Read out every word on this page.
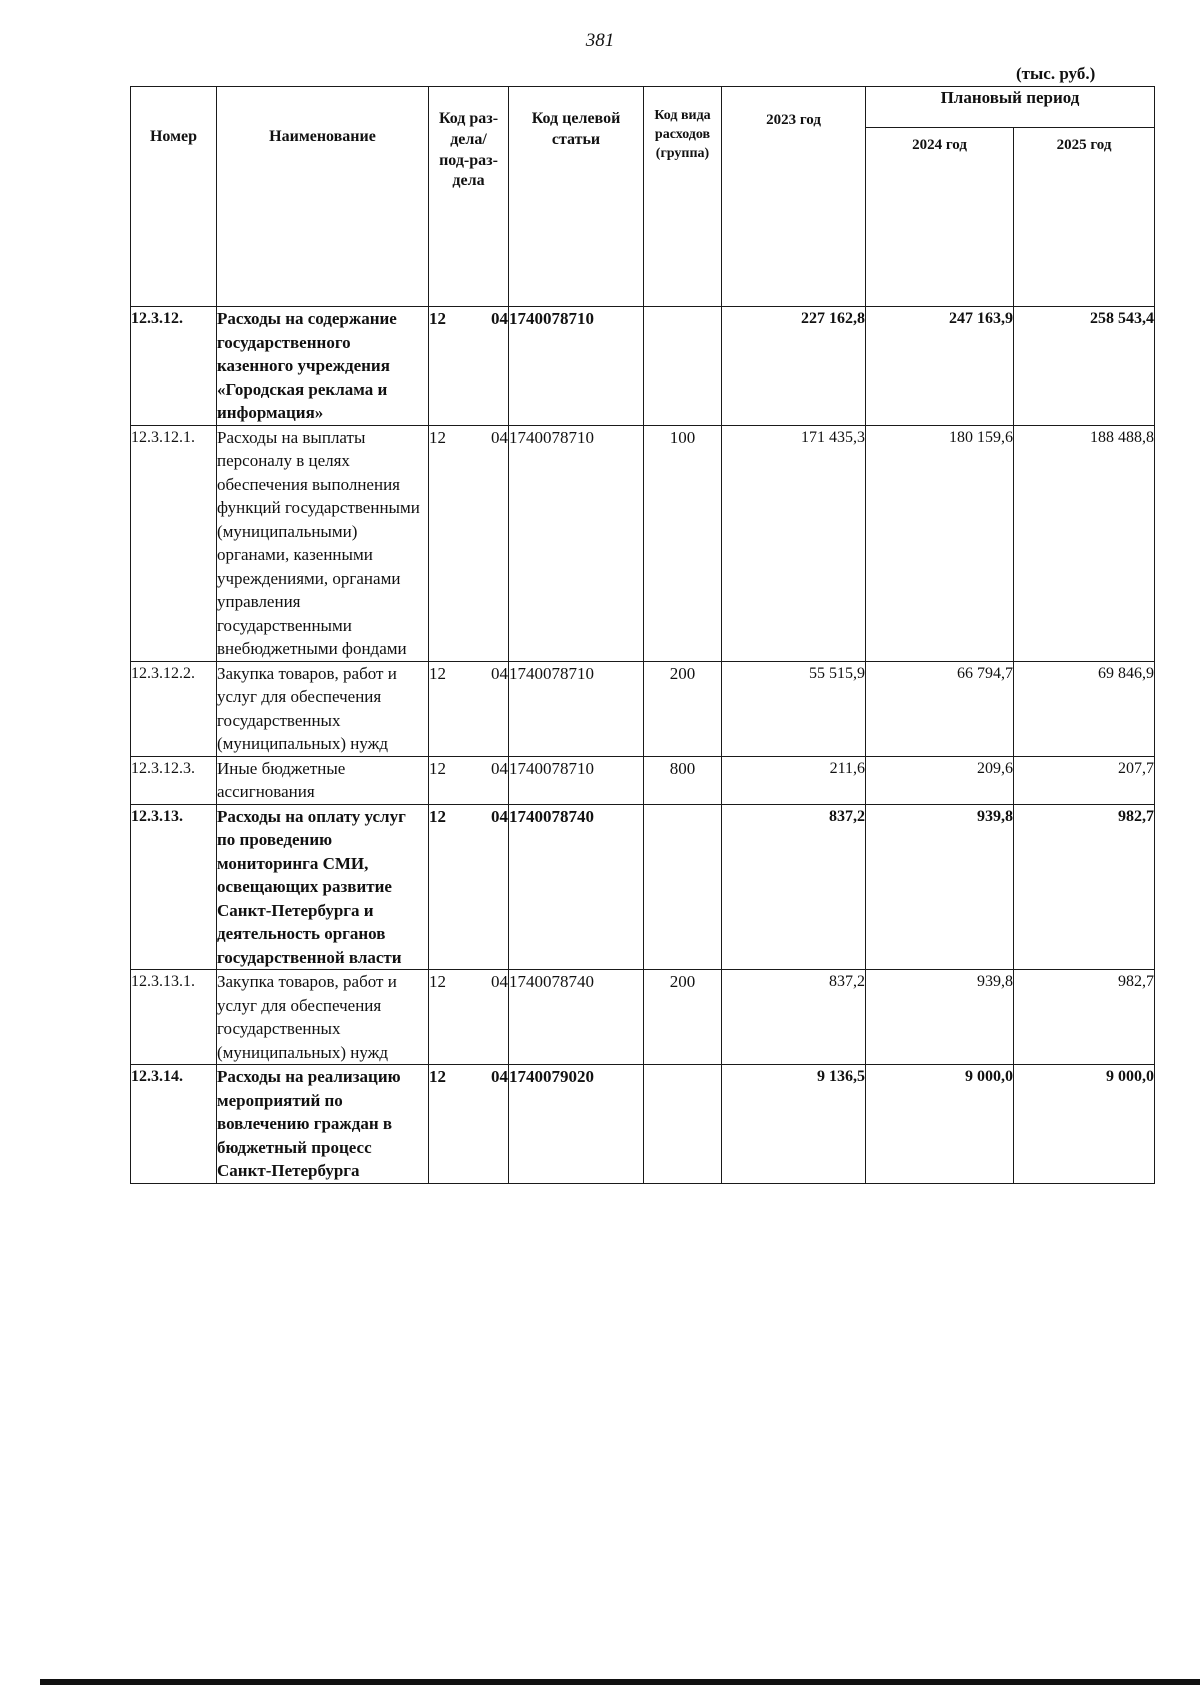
381
(тыс. руб.)
Номер	Наименование	Код раз-дела/ под-раз-дела	Код целевой статьи	Код вида расходов (группа)	2023 год	Плановый период	
						2024 год	2025 год
12.3.12.	Расходы на содержание государственного казенного учреждения «Городская реклама и информация»	12 04	1740078710		227 162,8	247 163,9	258 543,4
12.3.12.1.	Расходы на выплаты персоналу в целях обеспечения выполнения функций государственными (муниципальными) органами, казенными учреждениями, органами управления государственными внебюджетными фондами	12 04	1740078710	100	171 435,3	180 159,6	188 488,8
12.3.12.2.	Закупка товаров, работ и услуг для обеспечения государственных (муниципальных) нужд	12 04	1740078710	200	55 515,9	66 794,7	69 846,9
12.3.12.3.	Иные бюджетные ассигнования	12 04	1740078710	800	211,6	209,6	207,7
12.3.13.	Расходы на оплату услуг по проведению мониторинга СМИ, освещающих развитие Санкт-Петербурга и деятельность органов государственной власти	12 04	1740078740		837,2	939,8	982,7
12.3.13.1.	Закупка товаров, работ и услуг для обеспечения государственных (муниципальных) нужд	12 04	1740078740	200	837,2	939,8	982,7
12.3.14.	Расходы на реализацию мероприятий по вовлечению граждан в бюджетный процесс Санкт-Петербурга	12 04	1740079020		9 136,5	9 000,0	9 000,0
